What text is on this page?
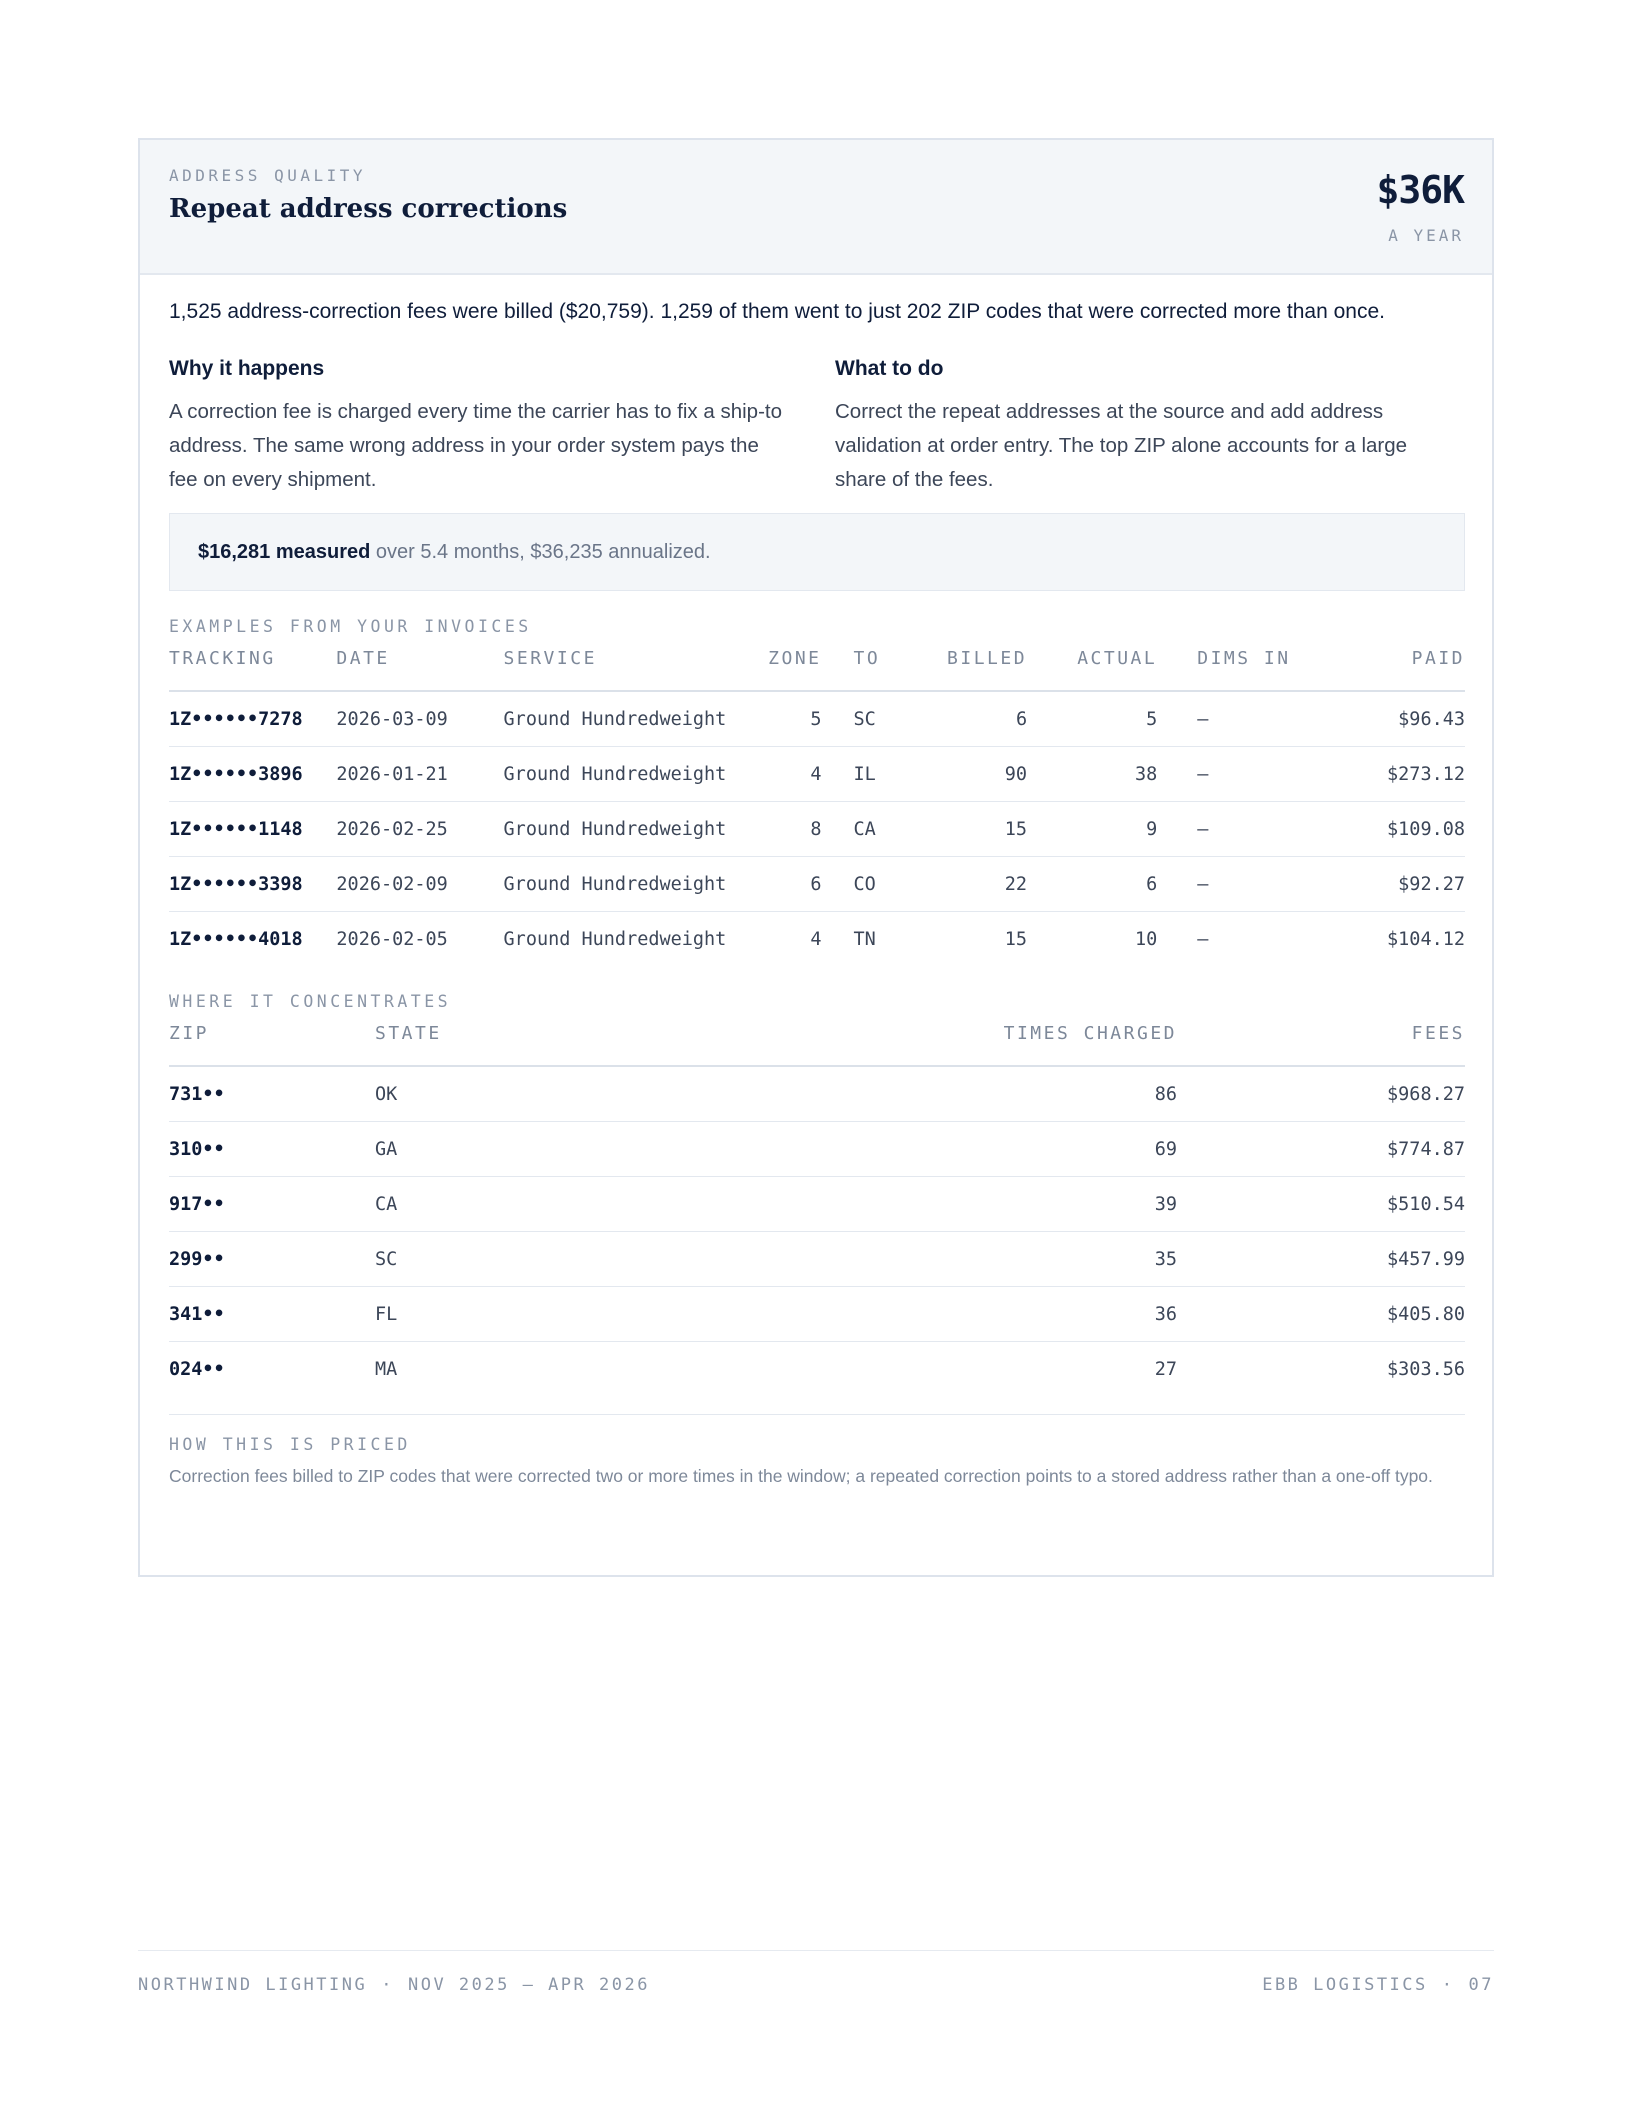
ADDRESS QUALITY
Repeat address corrections	$36K
A YEAR

1,525 address-correction fees were billed ($20,759). 1,259 of them went to just 202 ZIP codes that were corrected more than once.

Why it happens

A correction fee is charged every time the carrier has to fix a ship-to address. The same wrong address in your order system pays the fee on every shipment.

What to do

Correct the repeat addresses at the source and add address validation at order entry. The top ZIP alone accounts for a large share of the fees.

$16,281 measured over 5.4 months, $36,235 annualized.
EXAMPLES FROM YOUR INVOICES
TRACKING	DATE	SERVICE	ZONE	TO	BILLED	ACTUAL	DIMS IN	PAID
1Z••••••7278	2026-03-09	Ground Hundredweight	5	SC	6	5	—	$96.43
1Z••••••3896	2026-01-21	Ground Hundredweight	4	IL	90	38	—	$273.12
1Z••••••1148	2026-02-25	Ground Hundredweight	8	CA	15	9	—	$109.08
1Z••••••3398	2026-02-09	Ground Hundredweight	6	CO	22	6	—	$92.27
1Z••••••4018	2026-02-05	Ground Hundredweight	4	TN	15	10	—	$104.12
WHERE IT CONCENTRATES
ZIP	STATE	TIMES CHARGED	FEES
731••	OK	86	$968.27
310••	GA	69	$774.87
917••	CA	39	$510.54
299••	SC	35	$457.99
341••	FL	36	$405.80
024••	MA	27	$303.56
HOW THIS IS PRICED

Correction fees billed to ZIP codes that were corrected two or more times in the window; a repeated correction points to a stored address rather than a one-off typo.

NORTHWIND LIGHTING · NOV 2025 – APR 2026	EBB LOGISTICS · 07
